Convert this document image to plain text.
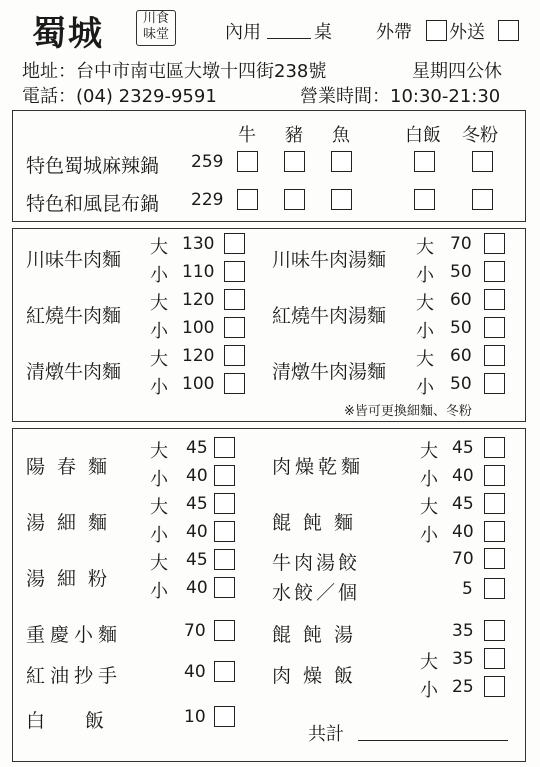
蜀城	川食
味堂	內用	桌 外帶 外送
地址：台中市南屯區大墩十四街238號	星期四公休
電話：(04) 2329-9591	營業時間：10:30-21:30
牛 豬 魚	白飯 冬粉
特色蜀城麻辣鍋 259
特色和風昆布鍋 229
川味牛肉麵
大 130
小 110
紅燒牛肉麵
大 120
小 100
清燉牛肉麵
大 120
小 100
川味牛肉湯麵
大 70
小 50
紅燒牛肉湯麵
大 60
小 50
清燉牛肉湯麵
大 60
小 50
※皆可更換細麵、冬粉
陽春麵
大 45
小 40
湯細麵
大 45
小 40
湯細粉
大 45
小 40
重慶小麵	70
紅油抄手	40
白飯 10
肉燥乾麵
大 45
小 40
餛飩麵
大 45
小 40
牛肉湯餃	70
水餃／個	5
餛飩湯	35
肉燥飯
大 35
小 25
共計
